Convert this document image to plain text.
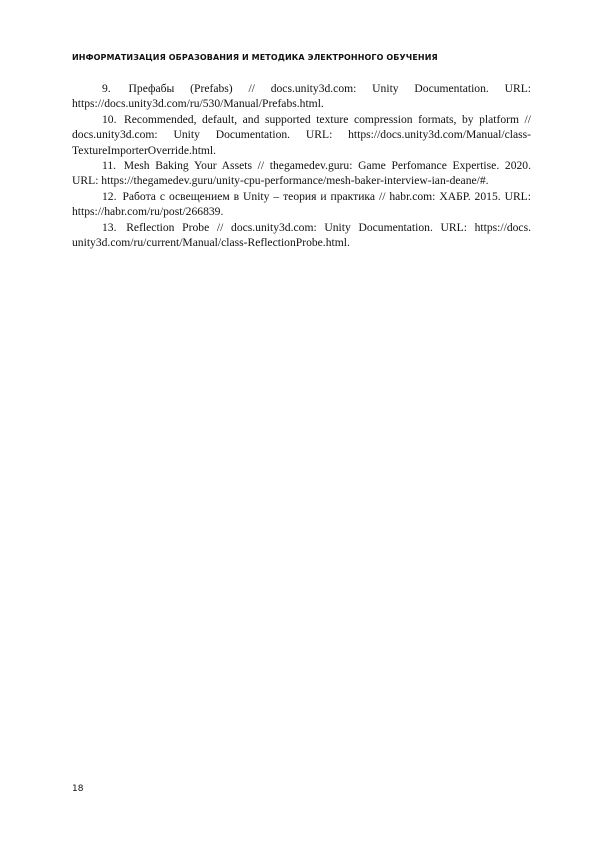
ИНФОРМАТИЗАЦИЯ ОБРАЗОВАНИЯ И МЕТОДИКА ЭЛЕКТРОННОГО ОБУЧЕНИЯ

9. Префабы (Prefabs) // docs.unity3d.com: Unity Documentation. URL: https://docs.unity3d.com/ru/530/Manual/Prefabs.html.

10. Recommended, default, and supported texture compression formats, by platform // docs.unity3d.com: Unity Documentation. URL: https://docs.unity3d.com/Manual/class-TextureImporterOverride.html.

11. Mesh Baking Your Assets // thegamedev.guru: Game Perfomance Expertise. 2020. URL: https://thegamedev.guru/unity-cpu-performance/mesh-baker-interview-ian-deane/#.

12. Работа с освещением в Unity – теория и практика // habr.com: ХАБР. 2015. URL: https://habr.com/ru/post/266839.

13. Reflection Probe // docs.unity3d.com: Unity Documentation. URL: https://docs. unity3d.com/ru/current/Manual/class-ReflectionProbe.html.

18
